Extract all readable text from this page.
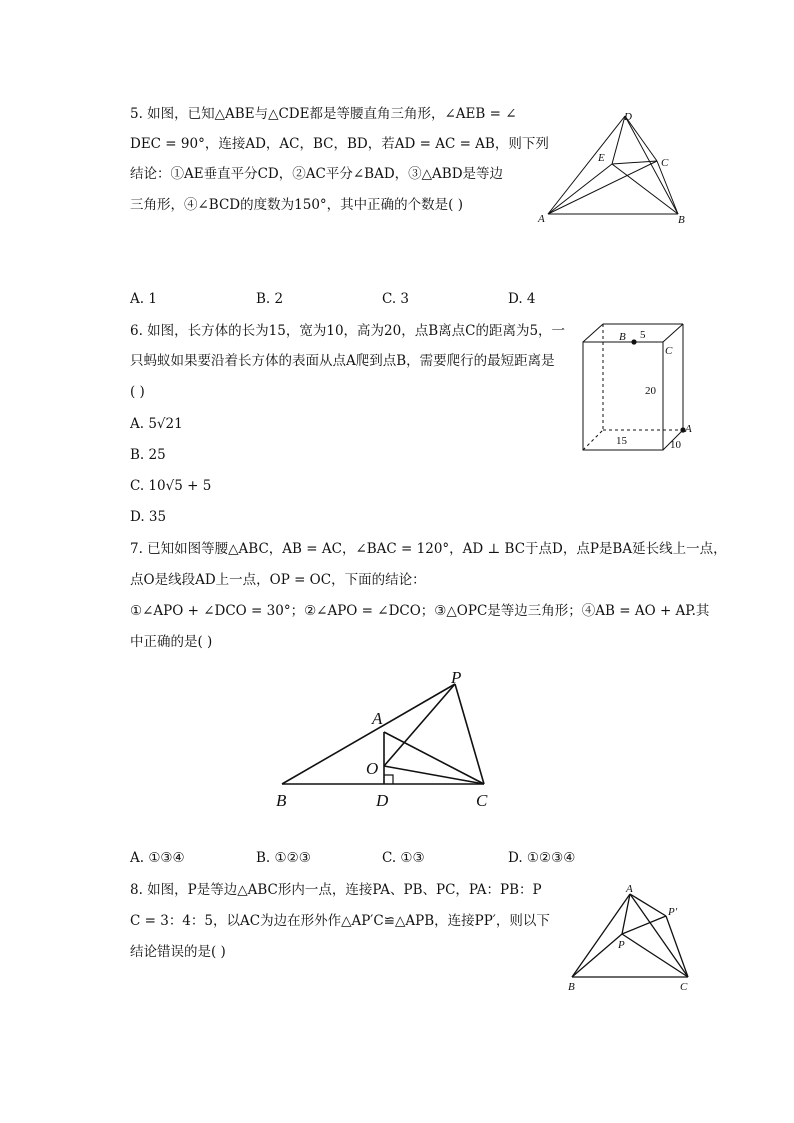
5. 如图，已知△ABE与△CDE都是等腰直角三角形，∠AEB = ∠
DEC = 90°，连接AD，AC，BC，BD，若AD = AC = AB，则下列
结论：①AE垂直平分CD，②AC平分∠BAD，③△ABD是等边
三角形，④∠BCD的度数为150°，其中正确的个数是( )
D
E	C
A	B
A. 1	B. 2	C. 3	D. 4
6. 如图，长方体的长为15，宽为10，高为20，点B离点C的距离为5，一
只蚂蚁如果要沿着长方体的表面从点A爬到点B，需要爬行的最短距离是
( )
B 5
C
20
A
15	10
A. 5√21
B. 25
C. 10√5 + 5
D. 35
7. 已知如图等腰△ABC，AB = AC，∠BAC = 120°，AD ⊥ BC于点D，点P是BA延长线上一点，
点O是线段AD上一点，OP = OC，下面的结论：
①∠APO + ∠DCO = 30°；②∠APO = ∠DCO；③△OPC是等边三角形；④AB = AO + AP.其
中正确的是( )
P
A
O
B	D	C
A. ①③④	B. ①②③	C. ①③	D. ①②③④
8. 如图，P是等边△ABC形内一点，连接PA、PB、PC，PA：PB：P
C = 3：4：5，以AC为边在形外作△AP′C≌△APB，连接PP′，则以下
结论错误的是( )
A
P′
P
B	C
